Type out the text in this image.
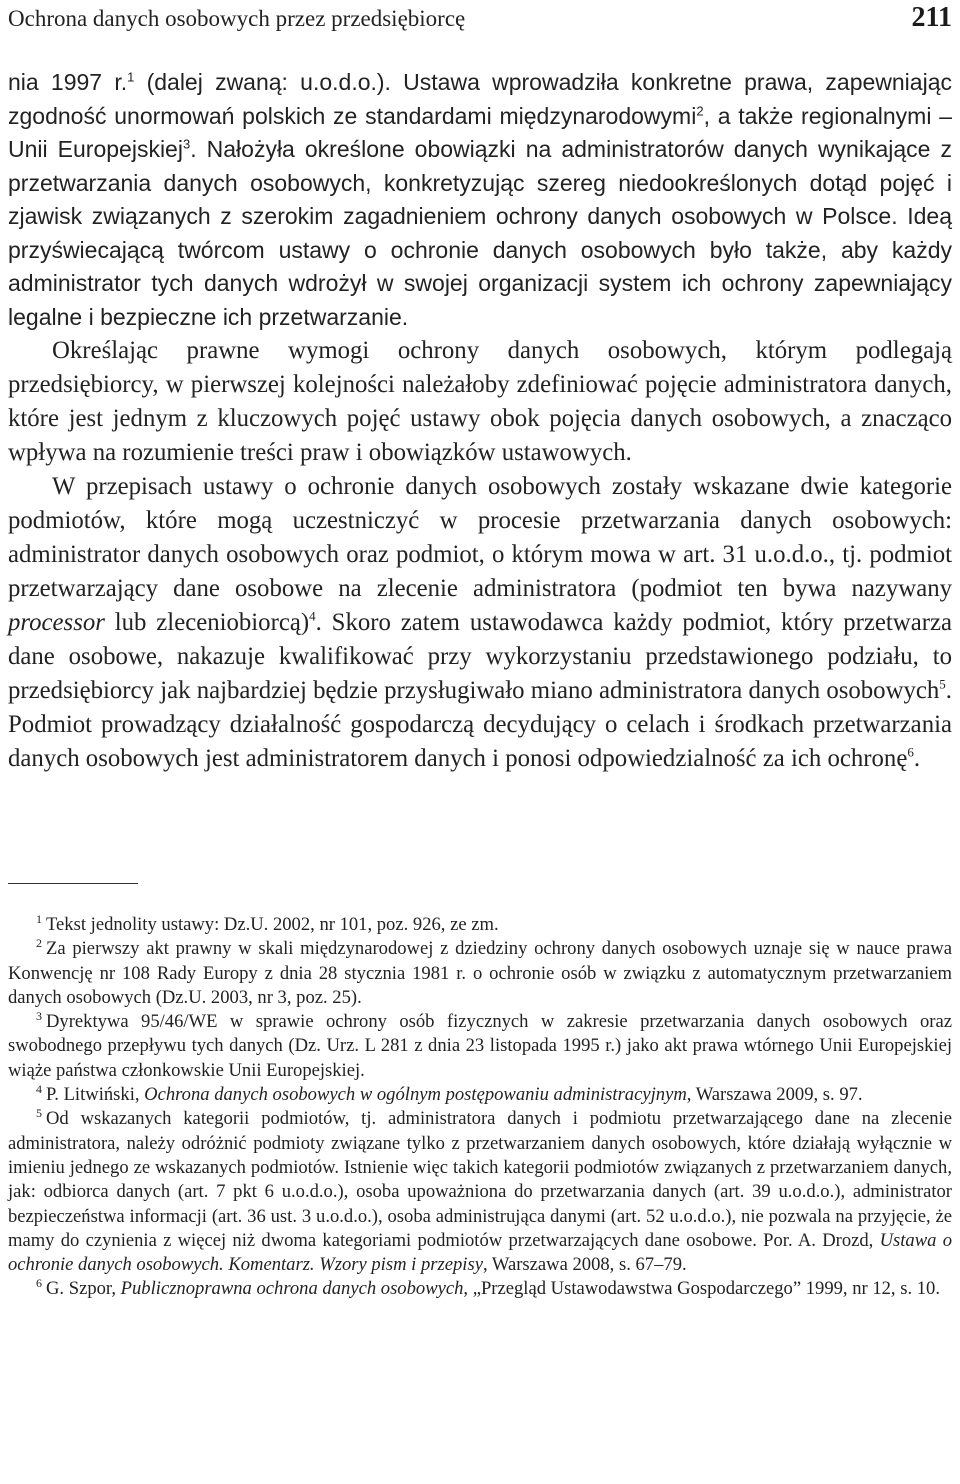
Ochrona danych osobowych przez przedsiębiorcę	211

nia 1997 r.$^1$ (dalej zwaną: u.o.d.o.). Ustawa wprowadziła konkretne prawa, zapewniając zgodność unormowań polskich ze standardami międzynarodowymi$^2$, a także regionalnymi – Unii Europejskiej$^3$. Nałożyła określone obowiązki na administratorów danych wynikające z przetwarzania danych osobowych, konkretyzując szereg niedookreślonych dotąd pojęć i zjawisk związanych z szerokim zagadnieniem ochrony danych osobowych w Polsce. Ideą przyświecającą twórcom ustawy o ochronie danych osobowych było także, aby każdy administrator tych danych wdrożył w swojej organizacji system ich ochrony zapewniający legalne i bezpieczne ich przetwarzanie.

Określając prawne wymogi ochrony danych osobowych, którym podlegają przedsiębiorcy, w pierwszej kolejności należałoby zdefiniować pojęcie administratora danych, które jest jednym z kluczowych pojęć ustawy obok pojęcia danych osobowych, a znacząco wpływa na rozumienie treści praw i obowiązków ustawowych.

W przepisach ustawy o ochronie danych osobowych zostały wskazane dwie kategorie podmiotów, które mogą uczestniczyć w procesie przetwarzania danych osobowych: administrator danych osobowych oraz podmiot, o którym mowa w art. 31 u.o.d.o., tj. podmiot przetwarzający dane osobowe na zlecenie administratora (podmiot ten bywa nazywany processor lub zleceniobiorcą)$^4$. Skoro zatem ustawodawca każdy podmiot, który przetwarza dane osobowe, nakazuje kwalifikować przy wykorzystaniu przedstawionego podziału, to przedsiębiorcy jak najbardziej będzie przysługiwało miano administratora danych osobowych$^5$. Podmiot prowadzący działalność gospodarczą decydujący o celach i środkach przetwarzania danych osobowych jest administratorem danych i ponosi odpowiedzialność za ich ochronę$^6$.

$^1$ Tekst jednolity ustawy: Dz.U. 2002, nr 101, poz. 926, ze zm.

$^2$ Za pierwszy akt prawny w skali międzynarodowej z dziedziny ochrony danych osobowych uznaje się w nauce prawa Konwencję nr 108 Rady Europy z dnia 28 stycznia 1981 r. o ochronie osób w związku z automatycznym przetwarzaniem danych osobowych (Dz.U. 2003, nr 3, poz. 25).

$^3$ Dyrektywa 95/46/WE w sprawie ochrony osób fizycznych w zakresie przetwarzania danych osobowych oraz swobodnego przepływu tych danych (Dz. Urz. L 281 z dnia 23 listopada 1995 r.) jako akt prawa wtórnego Unii Europejskiej wiąże państwa członkowskie Unii Europejskiej.

$^4$ P. Litwiński, Ochrona danych osobowych w ogólnym postępowaniu administracyjnym, Warszawa 2009, s. 97.

$^5$ Od wskazanych kategorii podmiotów, tj. administratora danych i podmiotu przetwarzającego dane na zlecenie administratora, należy odróżnić podmioty związane tylko z przetwarzaniem danych osobowych, które działają wyłącznie w imieniu jednego ze wskazanych podmiotów. Istnienie więc takich kategorii podmiotów związanych z przetwarzaniem danych, jak: odbiorca danych (art. 7 pkt 6 u.o.d.o.), osoba upoważniona do przetwarzania danych (art. 39 u.o.d.o.), administrator bezpieczeństwa informacji (art. 36 ust. 3 u.o.d.o.), osoba administrująca danymi (art. 52 u.o.d.o.), nie pozwala na przyjęcie, że mamy do czynienia z więcej niż dwoma kategoriami podmiotów przetwarzających dane osobowe. Por. A. Drozd, Ustawa o ochronie danych osobowych. Komentarz. Wzory pism i przepisy, Warszawa 2008, s. 67–79.

$^6$ G. Szpor, Publicznoprawna ochrona danych osobowych, „Przegląd Ustawodawstwa Gospodarczego” 1999, nr 12, s. 10.
